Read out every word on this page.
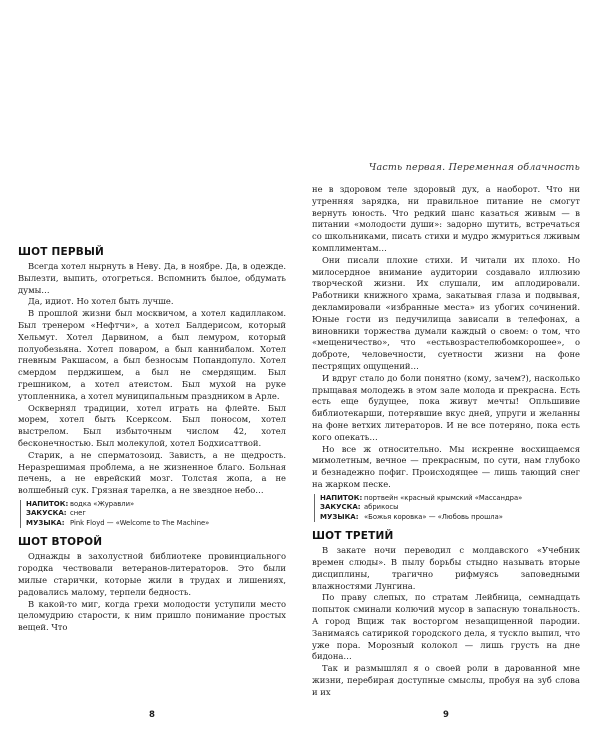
ШОТ ПЕРВЫЙ

Всегда хотел нырнуть в Неву. Да, в ноябре. Да, в одежде. Вылезти, выпить, отогреться. Вспомнить былое, обдумать думы…

Да, идиот. Но хотел быть лучше.

В прошлой жизни был москвичом, а хотел кадиллаком. Был тренером «Нефтчи», а хотел Балдерисом, который Хельмут. Хотел Дарвином, а был лемуром, который полуобезьяна. Хотел поваром, а был каннибалом. Хотел гневным Ракшасом, а был безносым Попандопуло. Хотел смердом перджишем, а был не смердящим. Был грешником, а хотел атеистом. Был мухой на руке утопленника, а хотел муниципальным праздником в Арле.

Осквернял традиции, хотел играть на флейте. Был морем, хотел быть Ксерксом. Был поносом, хотел выстрелом. Был избыточным числом 42, хотел бесконечностью. Был молекулой, хотел Бодхисаттвой.

Старик, а не сперматозоид. Зависть, а не щедрость. Неразрешимая проблема, а не жизненное благо. Больная печень, а не еврейский мозг. Толстая жопа, а не волшебный сук. Грязная тарелка, а не звездное небо…

НАПИТОК: водка «Журавли»
ЗАКУСКА: снег
МУЗЫКА: Pink Floyd — «Welcome to The Machine»
ШОТ ВТОРОЙ

Однажды в захолустной библиотеке провинциального городка чествовали ветеранов-литераторов. Это были милые старички, которые жили в трудах и лишениях, радовались малому, терпели бедность.

В какой-то миг, когда грехи молодости уступили место целомудрию старости, к ним пришло понимание простых вещей. Что

8
Часть первая. Переменная облачность

не в здоровом теле здоровый дух, а наоборот. Что ни утренняя зарядка, ни правильное питание не смогут вернуть юность. Что редкий шанс казаться живым — в питании «молодости души»: задорно шутить, встречаться со школьниками, писать стихи и мудро жмуриться лживым комплиментам…

Они писали плохие стихи. И читали их плохо. Но милосердное внимание аудитории создавало иллюзию творческой жизни. Их слушали, им аплодировали. Работники книжного храма, закатывая глаза и подвывая, декламировали «избранные места» из убогих сочинений. Юные гости из педучилища зависали в телефонах, а виновники торжества думали каждый о своем: о том, что «мещеничество», что «естьвозрастелюбомкорошее», о доброте, человечности, суетности жизни на фоне пестрящих ощущений…

И вдруг стало до боли понятно (кому, зачем?), насколько прыщавая молодежь в этом зале молода и прекрасна. Есть есть еще будущее, пока живут мечты! Опльшивие библиотекарши, потерявшие вкус дней, упруги и желанны на фоне ветхих литераторов. И не все потеряно, пока есть кого опекать…

Но все ж относительно. Мы искренне восхищаемся мимолетным, вечное — прекрасным, по сути, нам глубоко и безнадежно пофиг. Происходящее — лишь тающий снег на жарком песке.

НАПИТОК: портвейн «красный крымский «Массандра»
ЗАКУСКА: абрикосы
МУЗЫКА: «Божья коровка» — «Любовь прошла»
ШОТ ТРЕТИЙ

В закате ночи переводил с молдавского «Учебник времен слюды». В пылу борьбы стыдно называть вторые дисциплины, трагично рифмуясь заповедными влажностями Лунгина.

По праву слепых, по стратам Лейбница, семнадцать попыток сминали колючий мусор в запасную тональность. А город Вщиж так восторгом незащищенной пародии. Занимаясь сатирикой городского дела, я тускло выпил, что уже пора. Морозный колокол — лишь грусть на дне бидона…

Так и размышлял я о своей роли в дарованной мне жизни, перебирая доступные смыслы, пробуя на зуб слова и их

9
